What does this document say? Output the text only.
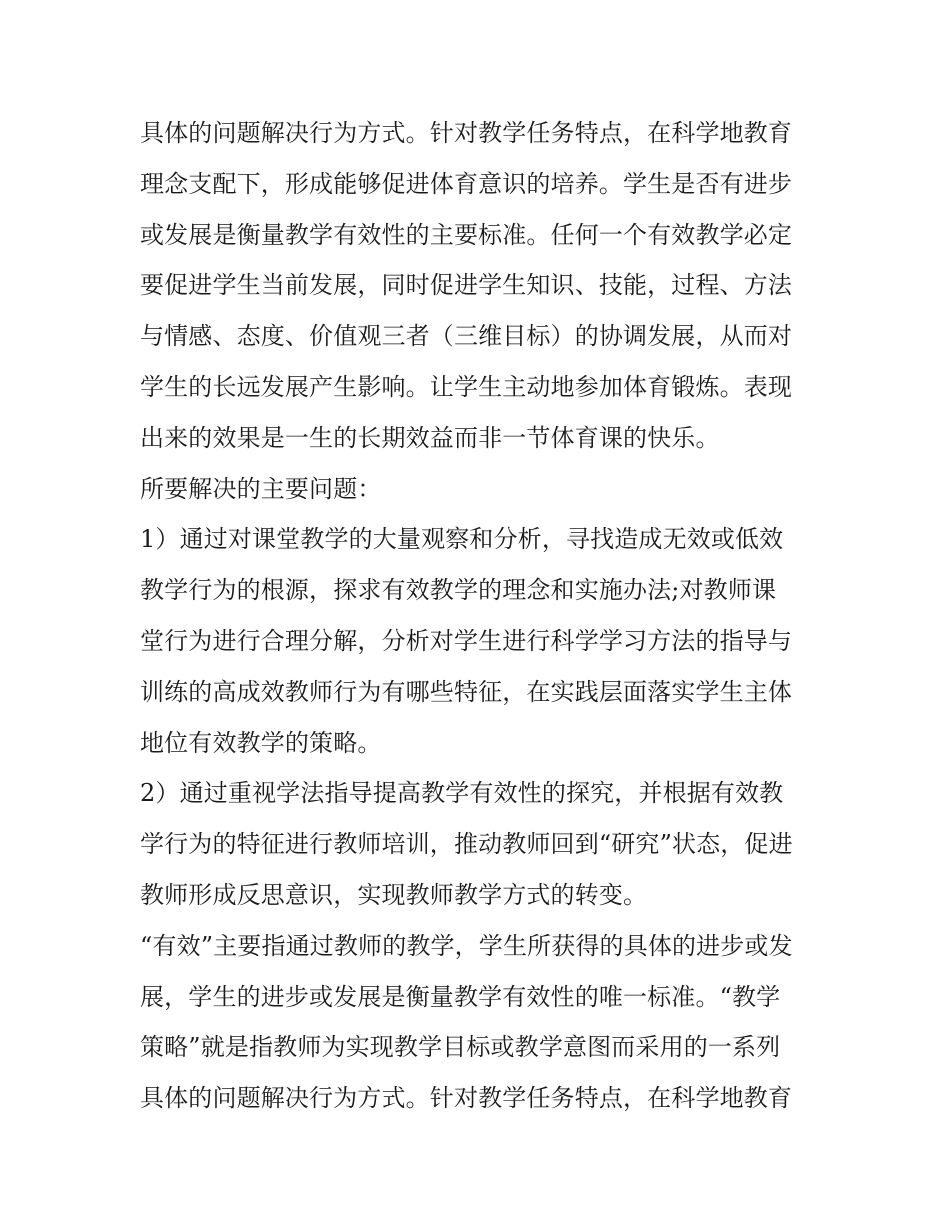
具体的问题解决行为方式。针对教学任务特点，在科学地教育
理念支配下，形成能够促进体育意识的培养。学生是否有进步
或发展是衡量教学有效性的主要标准。任何一个有效教学必定
要促进学生当前发展，同时促进学生知识、技能，过程、方法
与情感、态度、价值观三者（三维目标）的协调发展，从而对
学生的长远发展产生影响。让学生主动地参加体育锻炼。表现
出来的效果是一生的长期效益而非一节体育课的快乐。
所要解决的主要问题：
1）通过对课堂教学的大量观察和分析，寻找造成无效或低效
教学行为的根源，探求有效教学的理念和实施办法;对教师课
堂行为进行合理分解，分析对学生进行科学学习方法的指导与
训练的高成效教师行为有哪些特征，在实践层面落实学生主体
地位有效教学的策略。
2）通过重视学法指导提高教学有效性的探究，并根据有效教
学行为的特征进行教师培训，推动教师回到“研究”状态，促进
教师形成反思意识，实现教师教学方式的转变。
“有效”主要指通过教师的教学，学生所获得的具体的进步或发
展，学生的进步或发展是衡量教学有效性的唯一标准。“教学
策略”就是指教师为实现教学目标或教学意图而采用的一系列
具体的问题解决行为方式。针对教学任务特点，在科学地教育
